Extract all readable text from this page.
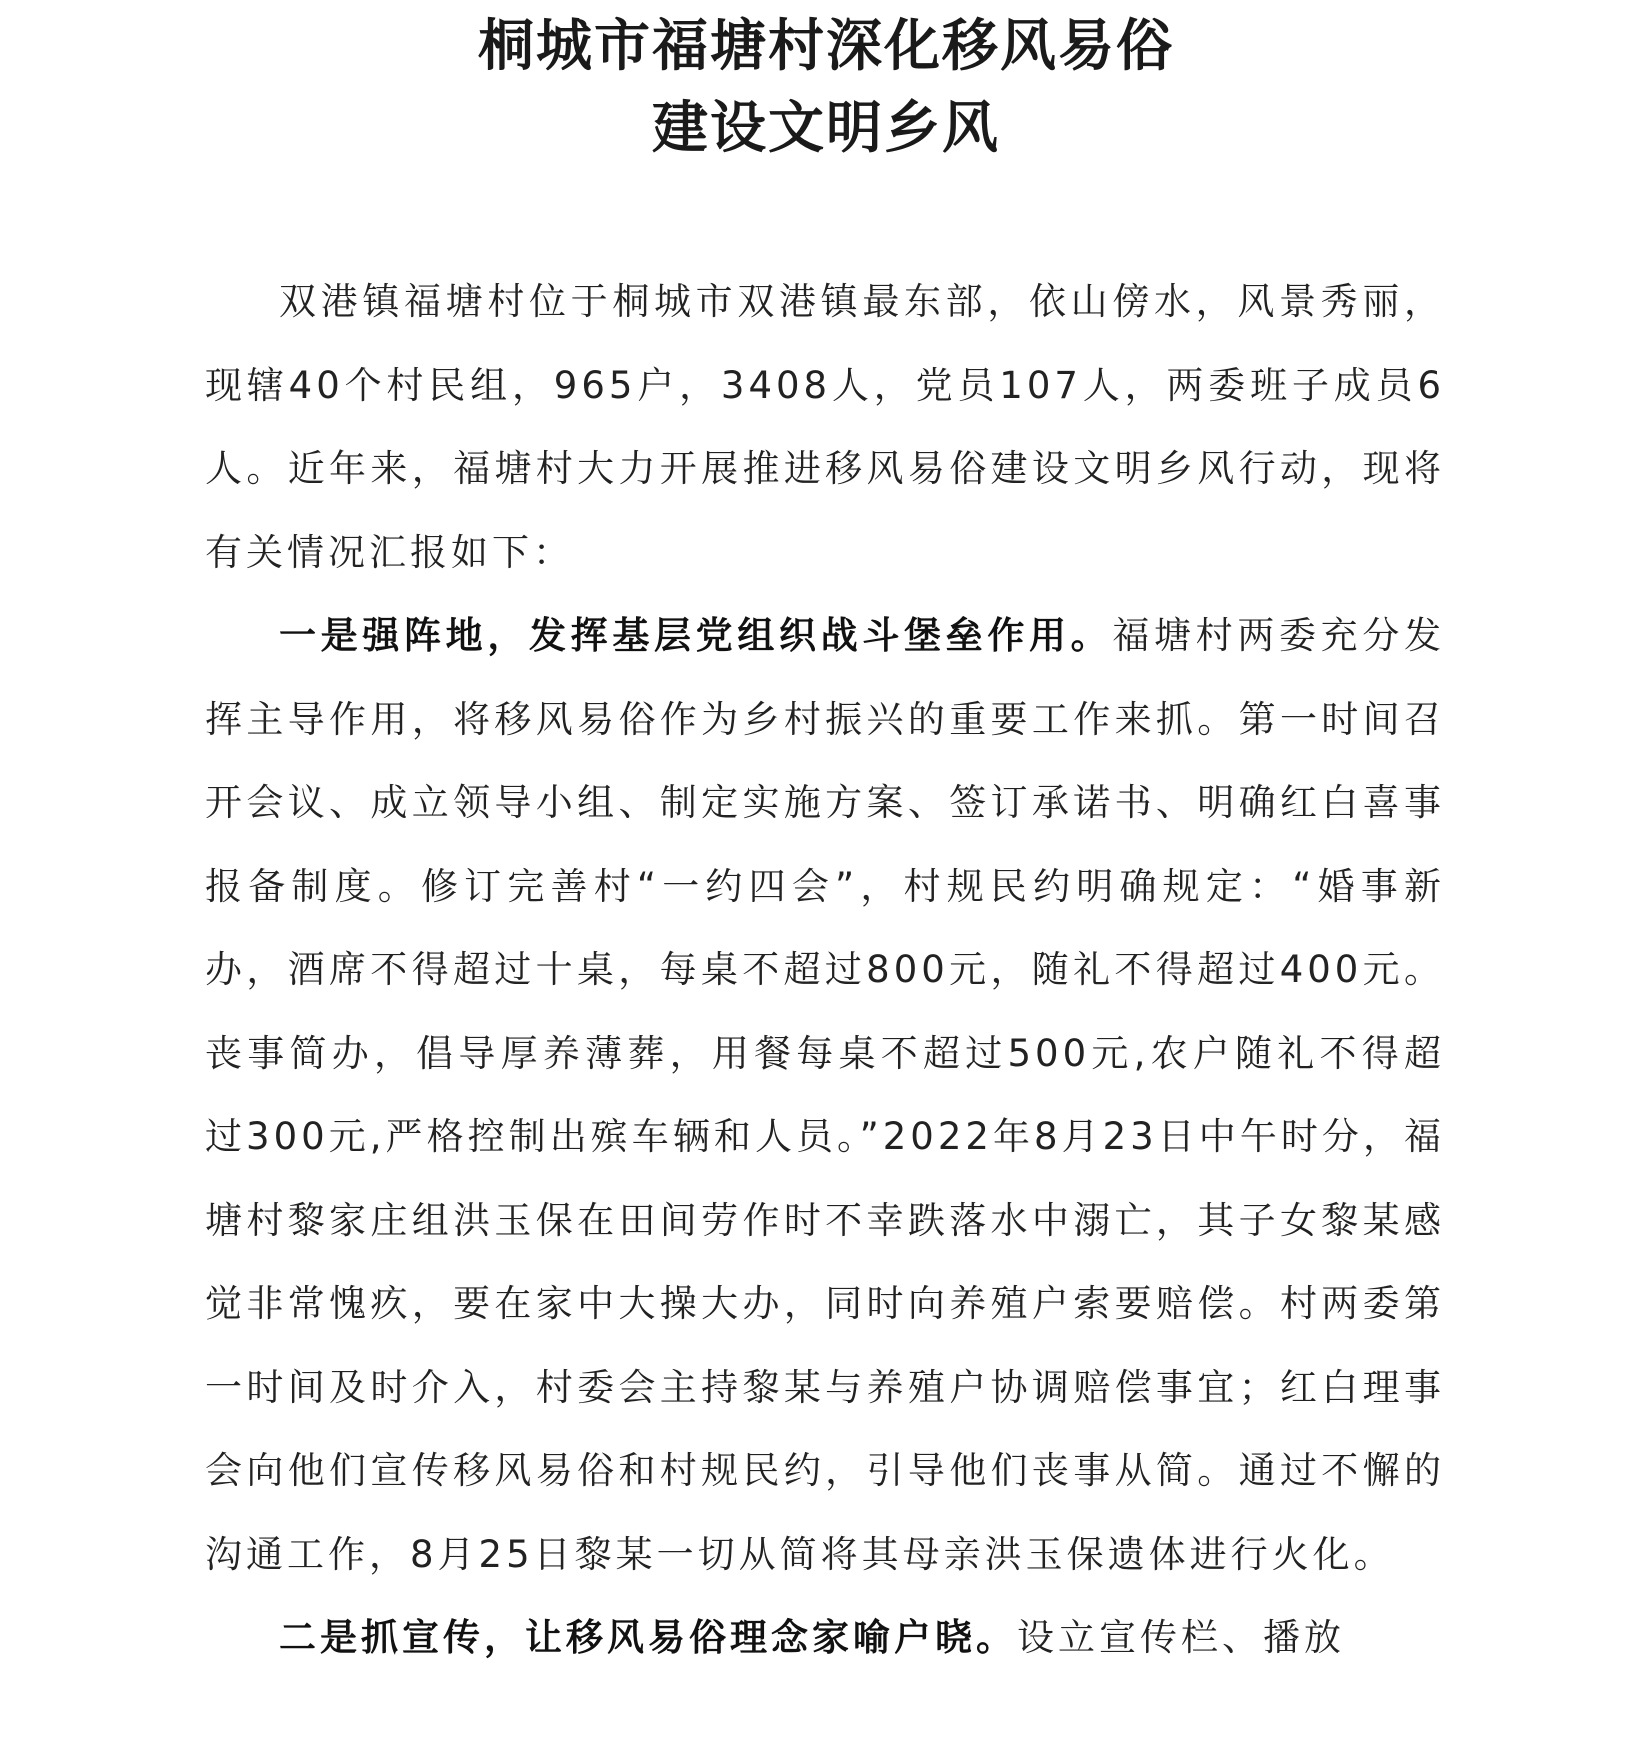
桐城市福塘村深化移风易俗
建设文明乡风

双港镇福塘村位于桐城市双港镇最东部，依山傍水，风景秀丽，现辖40个村民组，965户，3408人，党员107人，两委班子成员6人。近年来，福塘村大力开展推进移风易俗建设文明乡风行动，现将有关情况汇报如下：

一是强阵地，发挥基层党组织战斗堡垒作用。福塘村两委充分发挥主导作用，将移风易俗作为乡村振兴的重要工作来抓。第一时间召开会议、成立领导小组、制定实施方案、签订承诺书、明确红白喜事报备制度。修订完善村“一约四会”，村规民约明确规定：“婚事新办，酒席不得超过十桌，每桌不超过800元，随礼不得超过400元。丧事简办，倡导厚养薄葬，用餐每桌不超过500元,农户随礼不得超过300元,严格控制出殡车辆和人员。”2022年8月23日中午时分，福塘村黎家庄组洪玉保在田间劳作时不幸跌落水中溺亡，其子女黎某感觉非常愧疚，要在家中大操大办，同时向养殖户索要赔偿。村两委第一时间及时介入，村委会主持黎某与养殖户协调赔偿事宜；红白理事会向他们宣传移风易俗和村规民约，引导他们丧事从简。通过不懈的沟通工作，8月25日黎某一切从简将其母亲洪玉保遗体进行火化。

二是抓宣传，让移风易俗理念家喻户晓。设立宣传栏、播放
